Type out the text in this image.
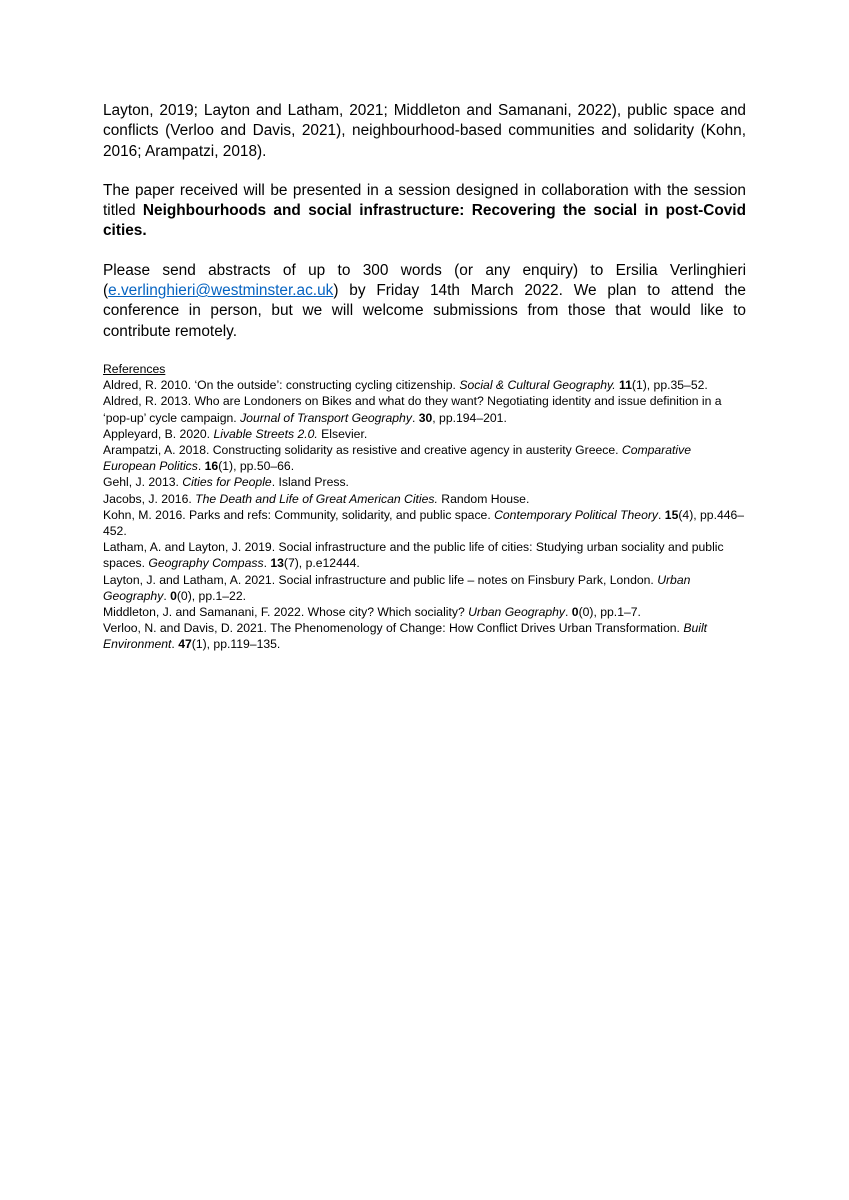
Layton, 2019; Layton and Latham, 2021; Middleton and Samanani, 2022), public space and conflicts (Verloo and Davis, 2021), neighbourhood-based communities and solidarity (Kohn, 2016; Arampatzi, 2018).

The paper received will be presented in a session designed in collaboration with the session titled Neighbourhoods and social infrastructure: Recovering the social in post-Covid cities.

Please send abstracts of up to 300 words (or any enquiry) to Ersilia Verlinghieri (e.verlinghieri@westminster.ac.uk) by Friday 14th March 2022. We plan to attend the conference in person, but we will welcome submissions from those that would like to contribute remotely.

References

Aldred, R. 2010. ‘On the outside’: constructing cycling citizenship. Social & Cultural Geography. 11(1), pp.35–52.

Aldred, R. 2013. Who are Londoners on Bikes and what do they want? Negotiating identity and issue definition in a ‘pop-up’ cycle campaign. Journal of Transport Geography. 30, pp.194–201.

Appleyard, B. 2020. Livable Streets 2.0. Elsevier.

Arampatzi, A. 2018. Constructing solidarity as resistive and creative agency in austerity Greece. Comparative European Politics. 16(1), pp.50–66.

Gehl, J. 2013. Cities for People. Island Press.

Jacobs, J. 2016. The Death and Life of Great American Cities. Random House.

Kohn, M. 2016. Parks and refs: Community, solidarity, and public space. Contemporary Political Theory. 15(4), pp.446–452.

Latham, A. and Layton, J. 2019. Social infrastructure and the public life of cities: Studying urban sociality and public spaces. Geography Compass. 13(7), p.e12444.

Layton, J. and Latham, A. 2021. Social infrastructure and public life – notes on Finsbury Park, London. Urban Geography. 0(0), pp.1–22.

Middleton, J. and Samanani, F. 2022. Whose city? Which sociality? Urban Geography. 0(0), pp.1–7.

Verloo, N. and Davis, D. 2021. The Phenomenology of Change: How Conflict Drives Urban Transformation. Built Environment. 47(1), pp.119–135.
